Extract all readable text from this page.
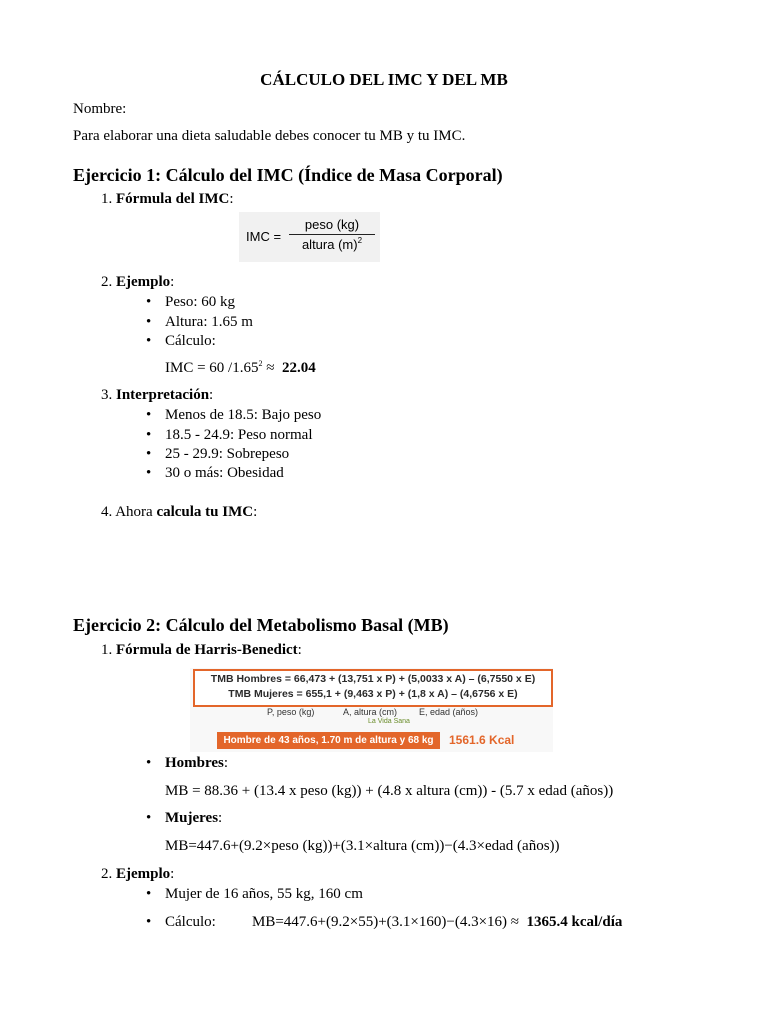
CÁLCULO DEL IMC Y DEL MB
Nombre:
Para elaborar una dieta saludable debes conocer tu MB y tu IMC.
Ejercicio 1: Cálculo del IMC (Índice de Masa Corporal)
1. Fórmula del IMC:
IMC =
peso (kg)
altura $(m)^2$
2. Ejemplo:
• Peso: 60 kg
• Altura: 1.65 m
• Cálculo:
IMC = 60 $/1.65^2 \approx 22.04$
3. Interpretación:
• Menos de 18.5: Bajo peso
• 18.5 - 24.9: Peso normal
• 25 - 29.9: Sobrepeso
• 30 o más: Obesidad
4. Ahora calcula tu IMC:
Ejercicio 2: Cálculo del Metabolismo Basal (MB)
1. Fórmula de Harris-Benedict:
TMB Hombres = 66,473 + (13,751 x P) + (5,0033 x A) – (6,7550 x E)
TMB Mujeres = 655,1 + (9,463 x P) + (1,8 x A) – (4,6756 x E)
P, peso (kg)	A, altura (cm) E, edad (años)
La Vida Sana
Hombre de 43 años, 1.70 m de altura y 68 kg	1561.6 Kcal
• Hombres:
MB = 88.36 + (13.4 x peso (kg)) + (4.8 x altura (cm)) - (5.7 x edad (años))
• Mujeres:
MB=447.6+(9.2×peso (kg))+(3.1×altura (cm))−(4.3×edad (años))
2. Ejemplo:
• Mujer de 16 años, 55 kg, 160 cm
• Cálculo: MB=447.6+(9.2×55)+(3.1×160)−(4.3×16) ≈  1365.4 kcal/día
